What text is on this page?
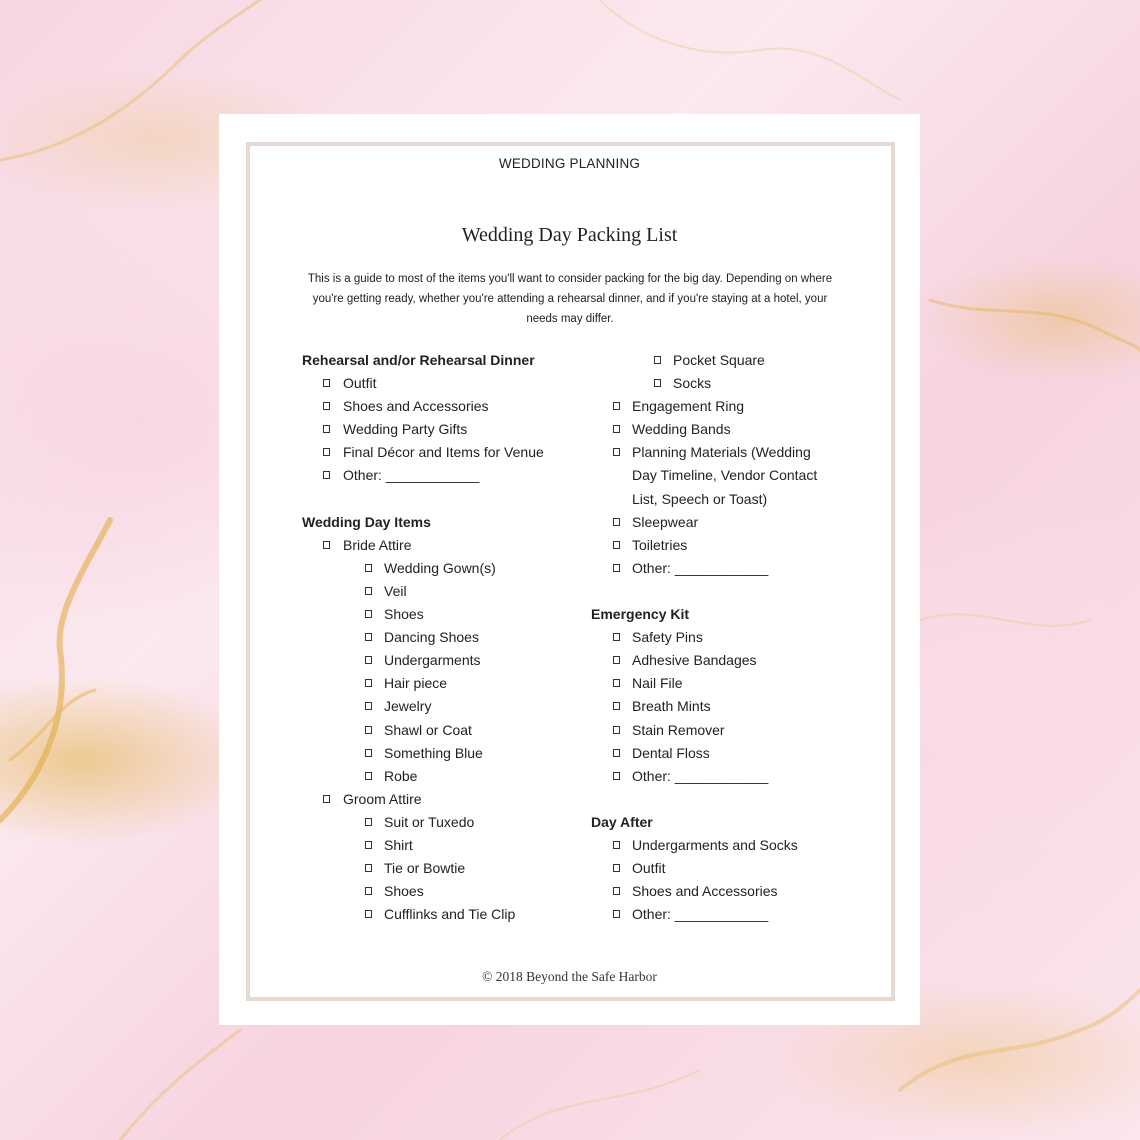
WEDDING PLANNING
Wedding Day Packing List
This is a guide to most of the items you'll want to consider packing for the big day. Depending on where you're getting ready, whether you're attending a rehearsal dinner, and if you're staying at a hotel, your needs may differ.
Rehearsal and/or Rehearsal Dinner
Outfit
Shoes and Accessories
Wedding Party Gifts
Final Décor and Items for Venue
Other: ____________
Wedding Day Items
Bride Attire
Wedding Gown(s)
Veil
Shoes
Dancing Shoes
Undergarments
Hair piece
Jewelry
Shawl or Coat
Something Blue
Robe
Groom Attire
Suit or Tuxedo
Shirt
Tie or Bowtie
Shoes
Cufflinks and Tie Clip
Pocket Square
Socks
Engagement Ring
Wedding Bands
Planning Materials (Wedding
Day Timeline, Vendor Contact
List, Speech or Toast)
Sleepwear
Toiletries
Other: ____________
Emergency Kit
Safety Pins
Adhesive Bandages
Nail File
Breath Mints
Stain Remover
Dental Floss
Other: ____________
Day After
Undergarments and Socks
Outfit
Shoes and Accessories
Other: ____________
© 2018 Beyond the Safe Harbor
